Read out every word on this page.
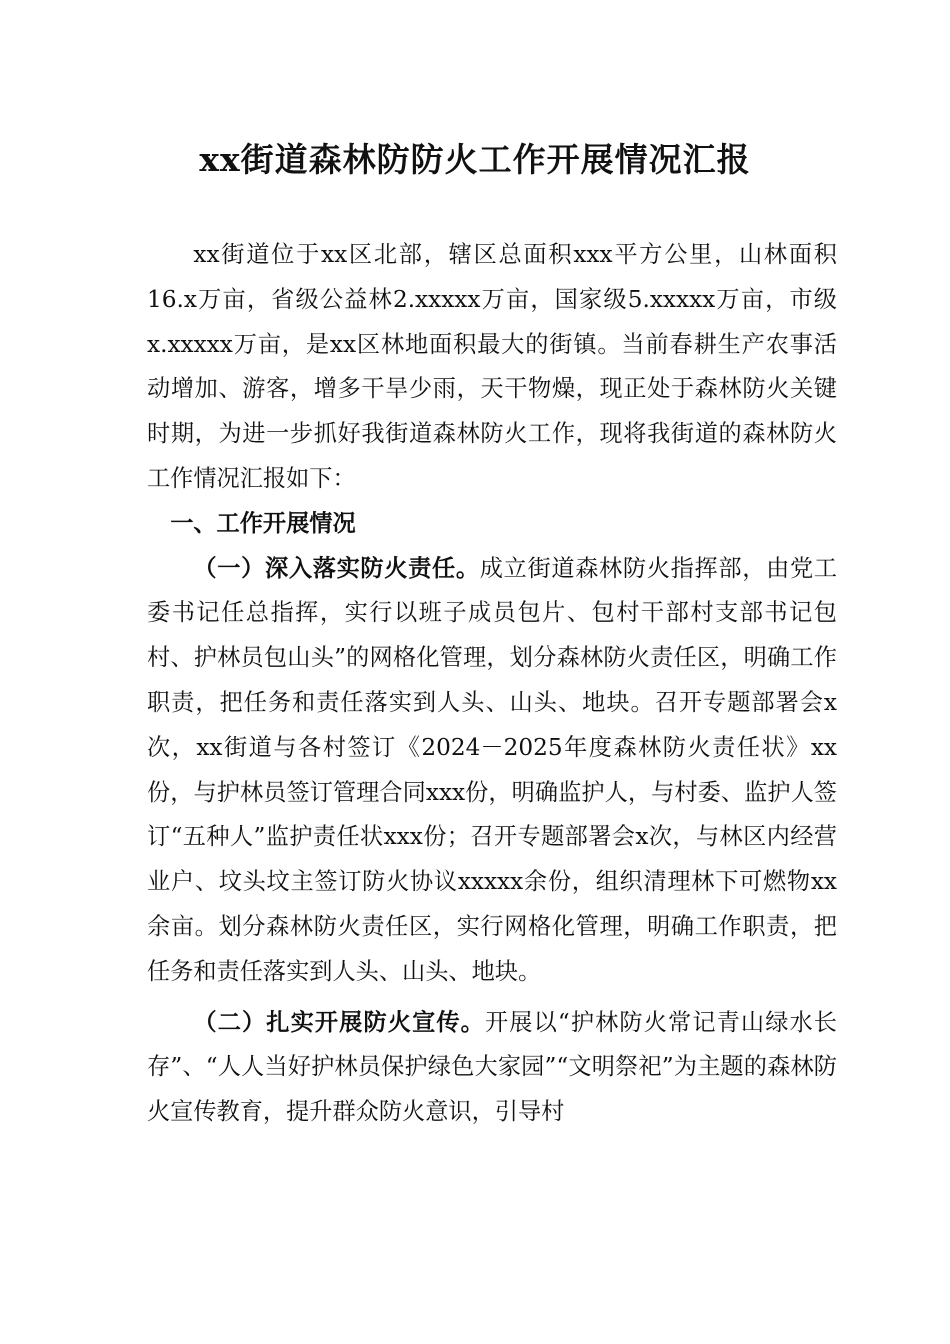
xx街道森林防防火工作开展情况汇报

xx街道位于xx区北部，辖区总面积xxx平方公里，山林面积16.x万亩，省级公益林2.xxxxx万亩，国家级5.xxxxx万亩，市级x.xxxxx万亩，是xx区林地面积最大的街镇。当前春耕生产农事活动增加、游客，增多干旱少雨，天干物燥，现正处于森林防火关键时期，为进一步抓好我街道森林防火工作，现将我街道的森林防火工作情况汇报如下：

一、工作开展情况

（一）深入落实防火责任。成立街道森林防火指挥部，由党工委书记任总指挥，实行以班子成员包片、包村干部村支部书记包村、护林员包山头”的网格化管理，划分森林防火责任区，明确工作职责，把任务和责任落实到人头、山头、地块。召开专题部署会x次，xx街道与各村签订《2024－2025年度森林防火责任状》xx份，与护林员签订管理合同xxx份，明确监护人，与村委、监护人签订“五种人”监护责任状xxx份；召开专题部署会x次，与林区内经营业户、坟头坟主签订防火协议xxxxx余份，组织清理林下可燃物xx余亩。划分森林防火责任区，实行网格化管理，明确工作职责，把任务和责任落实到人头、山头、地块。

（二）扎实开展防火宣传。开展以“护林防火常记青山绿水长存”、“人人当好护林员保护绿色大家园”“文明祭祀”为主题的森林防火宣传教育，提升群众防火意识，引导村
